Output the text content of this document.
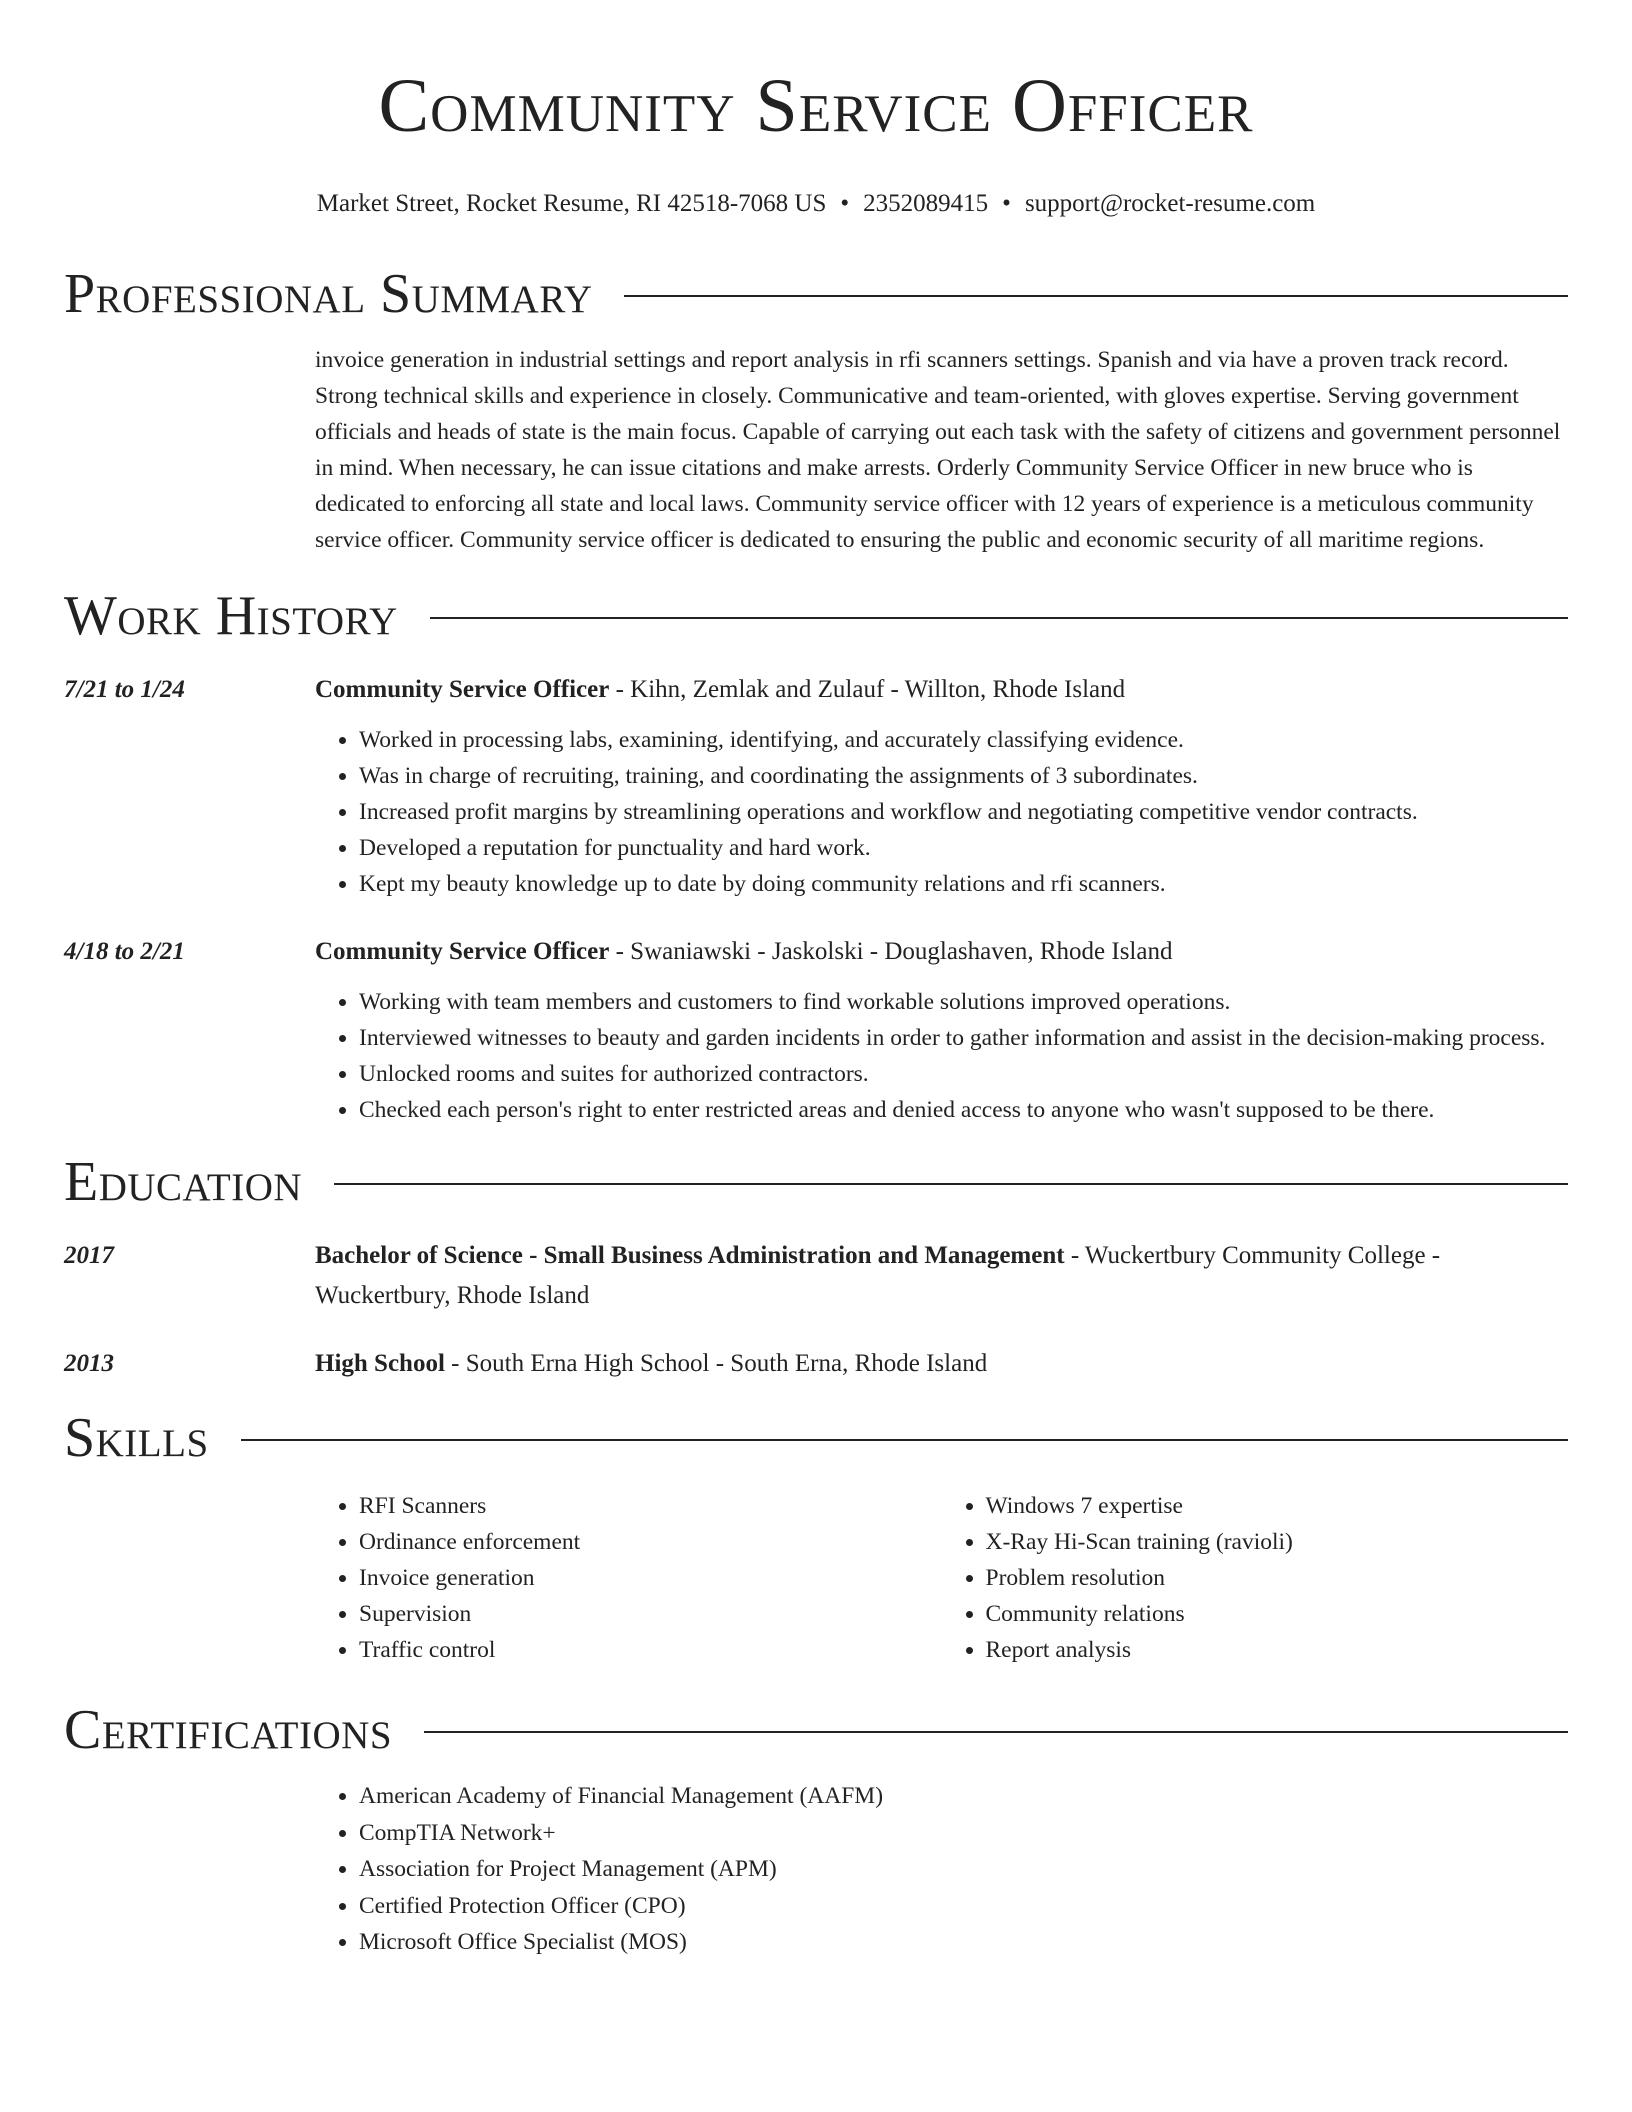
Community Service Officer
Market Street, Rocket Resume, RI 42518-7068 US • 2352089415 • support@rocket-resume.com
Professional Summary
invoice generation in industrial settings and report analysis in rfi scanners settings. Spanish and via have a proven track record. Strong technical skills and experience in closely. Communicative and team-oriented, with gloves expertise. Serving government officials and heads of state is the main focus. Capable of carrying out each task with the safety of citizens and government personnel in mind. When necessary, he can issue citations and make arrests. Orderly Community Service Officer in new bruce who is dedicated to enforcing all state and local laws. Community service officer with 12 years of experience is a meticulous community service officer. Community service officer is dedicated to ensuring the public and economic security of all maritime regions.
Work History
7/21 to 1/24	Community Service Officer - Kihn, Zemlak and Zulauf - Willton, Rhode Island
• Worked in processing labs, examining, identifying, and accurately classifying evidence.
• Was in charge of recruiting, training, and coordinating the assignments of 3 subordinates.
• Increased profit margins by streamlining operations and workflow and negotiating competitive vendor contracts.
• Developed a reputation for punctuality and hard work.
• Kept my beauty knowledge up to date by doing community relations and rfi scanners.
4/18 to 2/21	Community Service Officer - Swaniawski - Jaskolski - Douglashaven, Rhode Island
• Working with team members and customers to find workable solutions improved operations.
• Interviewed witnesses to beauty and garden incidents in order to gather information and assist in the decision-making process.
• Unlocked rooms and suites for authorized contractors.
• Checked each person's right to enter restricted areas and denied access to anyone who wasn't supposed to be there.
Education
2017	Bachelor of Science - Small Business Administration and Management - Wuckertbury Community College - Wuckertbury, Rhode Island
2013	High School - South Erna High School - South Erna, Rhode Island
Skills
• RFI Scanners
• Ordinance enforcement
• Invoice generation
• Supervision
• Traffic control
• Windows 7 expertise
• X-Ray Hi-Scan training (ravioli)
• Problem resolution
• Community relations
• Report analysis
Certifications
• American Academy of Financial Management (AAFM)
• CompTIA Network+
• Association for Project Management (APM)
• Certified Protection Officer (CPO)
• Microsoft Office Specialist (MOS)
